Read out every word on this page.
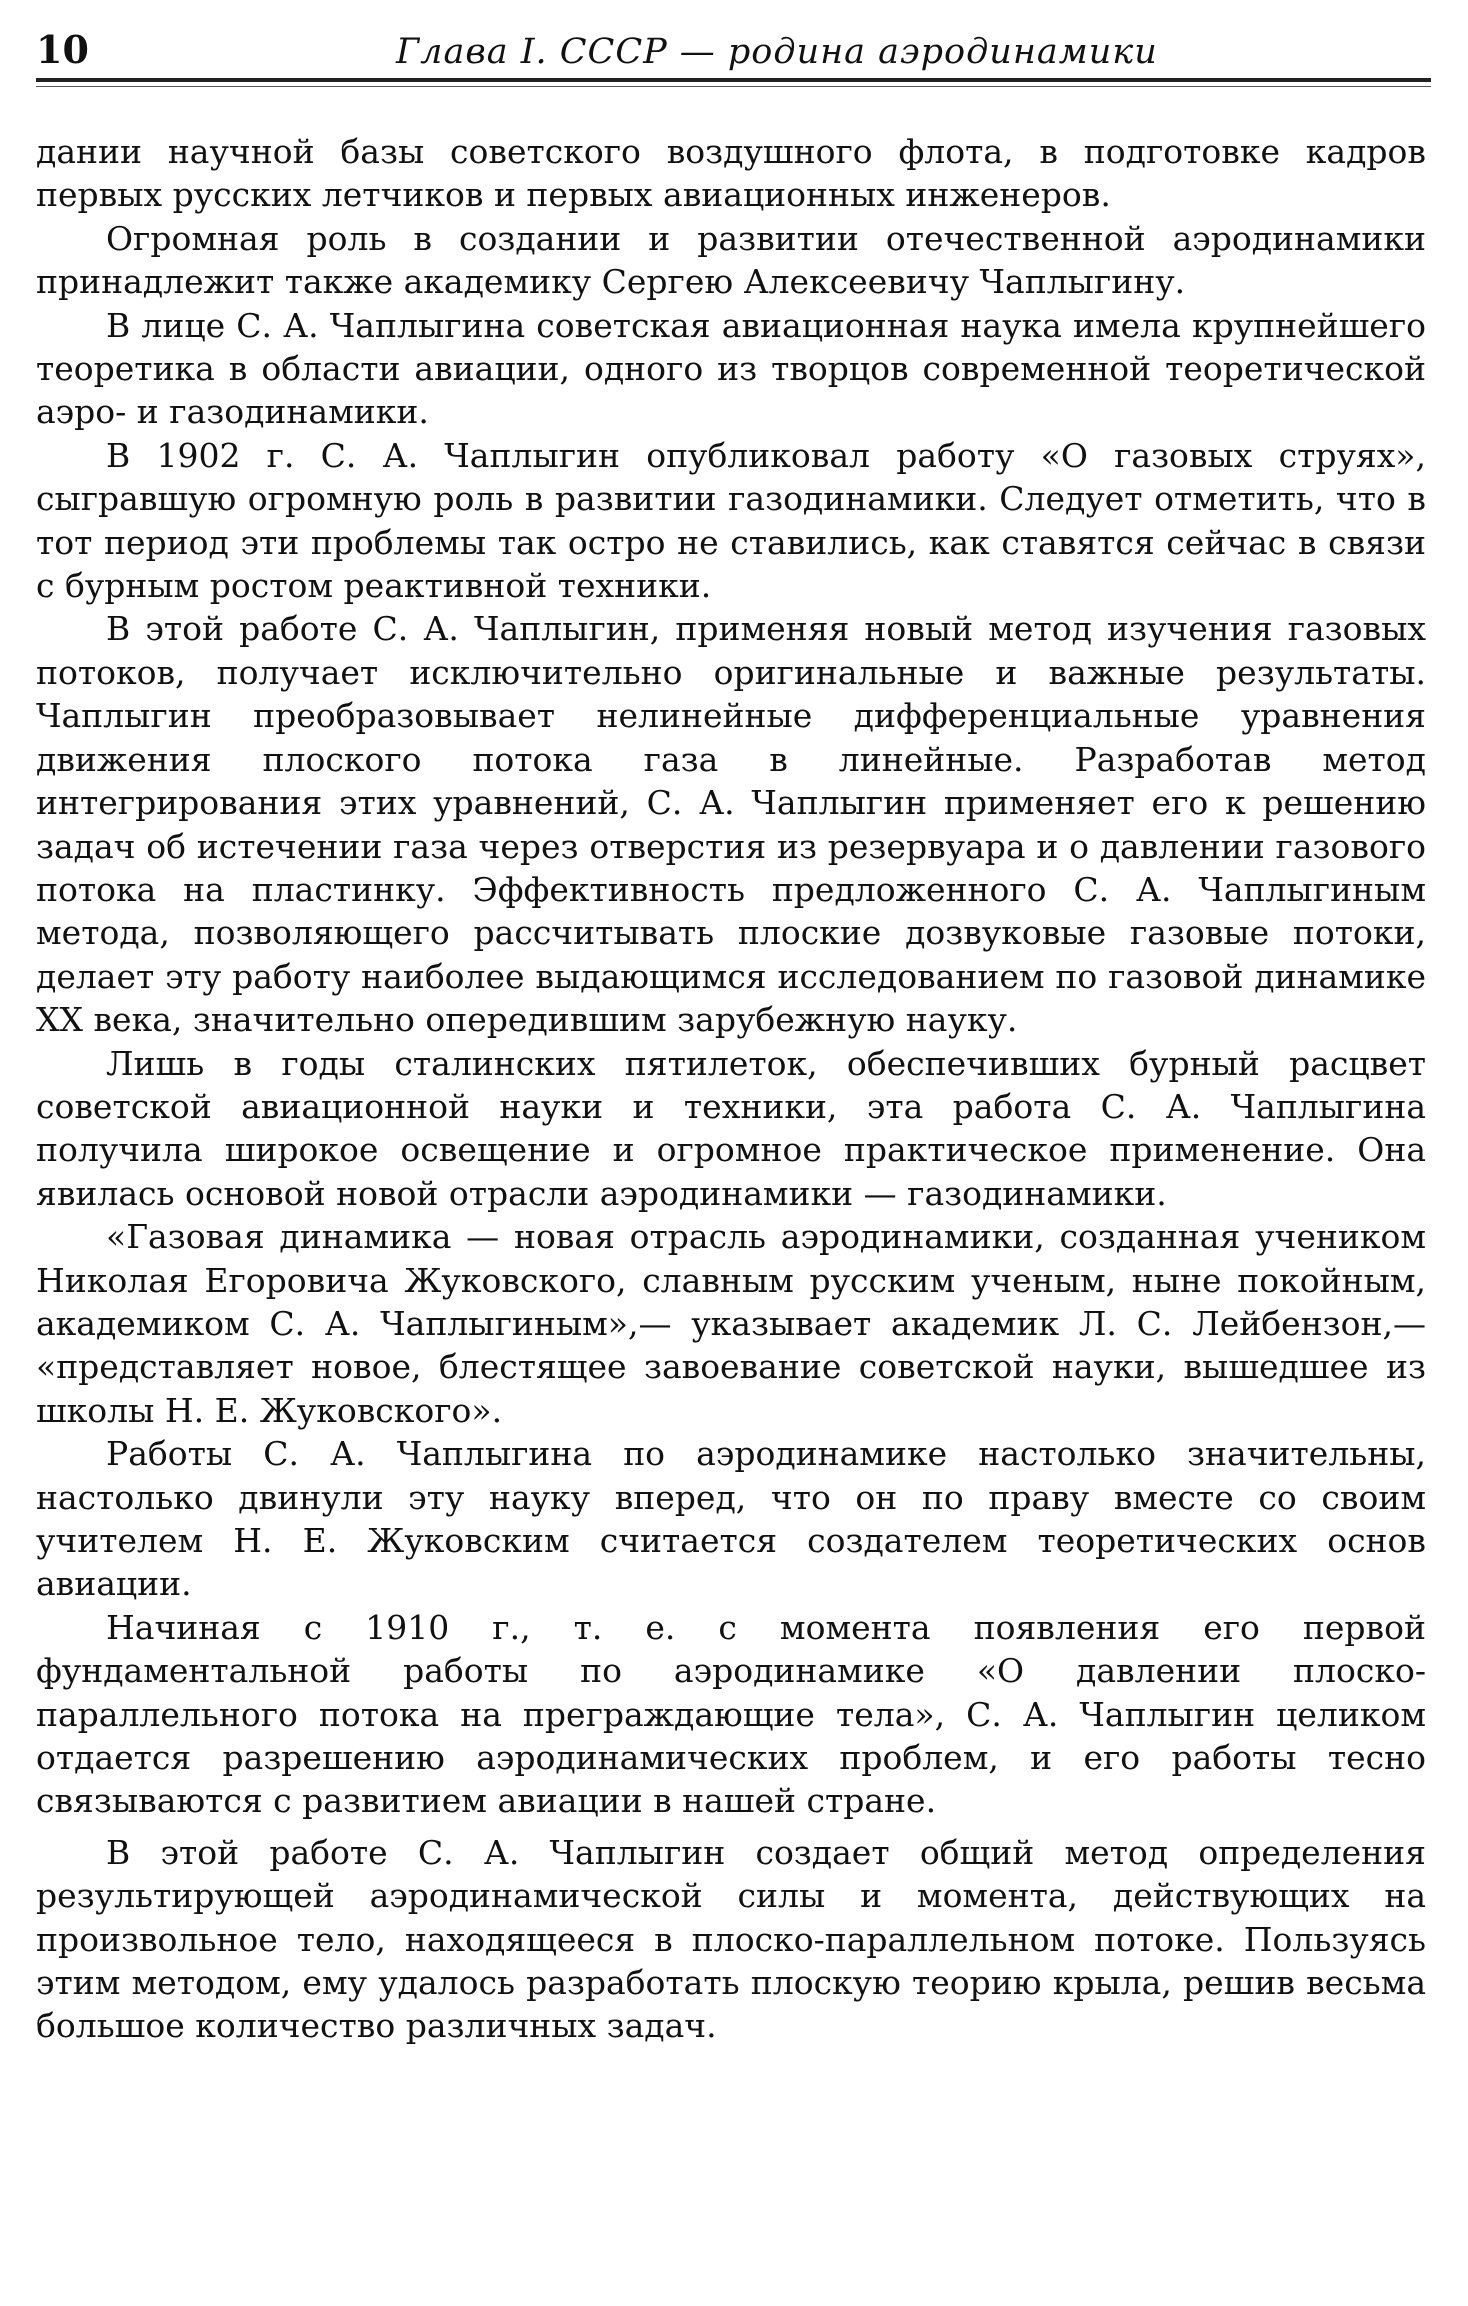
10	Глава I. СССР — родина аэродинамики

дании научной базы советского воздушного флота, в подготовке кадров первых русских летчиков и первых авиационных инженеров.

Огромная роль в создании и развитии отечественной аэродинамики принадлежит также академику Сергею Алексеевичу Чаплыгину.

В лице С. А. Чаплыгина советская авиационная наука имела крупнейшего теоретика в области авиации, одного из творцов современной теоретической аэро- и газодинамики.

В 1902 г. С. А. Чаплыгин опубликовал работу «О газовых струях», сыгравшую огромную роль в развитии газодинамики. Следует отметить, что в тот период эти проблемы так остро не ставились, как ставятся сейчас в связи с бурным ростом реактивной техники.

В этой работе С. А. Чаплыгин, применяя новый метод изучения газовых потоков, получает исключительно оригинальные и важные результаты. Чаплыгин преобразовывает нелинейные дифференциальные уравнения движения плоского потока газа в линейные. Разработав метод интегрирования этих уравнений, С. А. Чаплыгин применяет его к решению задач об истечении газа через отверстия из резервуара и о давлении газового потока на пластинку. Эффективность предложенного С. А. Чаплыгиным метода, позволяющего рассчитывать плоские дозвуковые газовые потоки, делает эту работу наиболее выдающимся исследованием по газовой динамике XX века, значительно опередившим зарубежную науку.

Лишь в годы сталинских пятилеток, обеспечивших бурный расцвет советской авиационной науки и техники, эта работа С. А. Чаплыгина получила широкое освещение и огромное практическое применение. Она явилась основой новой отрасли аэродинамики — газодинамики.

«Газовая динамика — новая отрасль аэродинамики, созданная учеником Николая Егоровича Жуковского, славным русским ученым, ныне покойным, академиком С. А. Чаплыгиным»,— указывает академик Л. С. Лейбензон,— «представляет новое, блестящее завоевание советской науки, вышедшее из школы Н. Е. Жуковского».

Работы С. А. Чаплыгина по аэродинамике настолько значительны, настолько двинули эту науку вперед, что он по праву вместе со своим учителем Н. Е. Жуковским считается создателем теоретических основ авиации.

Начиная с 1910 г., т. е. с момента появления его первой фундаментальной работы по аэродинамике «О давлении плоско-параллельного потока на преграждающие тела», С. А. Чаплыгин целиком отдается разрешению аэродинамических проблем, и его работы тесно связываются с развитием авиации в нашей стране.

В этой работе С. А. Чаплыгин создает общий метод определения результирующей аэродинамической силы и момента, действующих на произвольное тело, находящееся в плоско-параллельном потоке. Пользуясь этим методом, ему удалось разработать плоскую теорию крыла, решив весьма большое количество различных задач.
